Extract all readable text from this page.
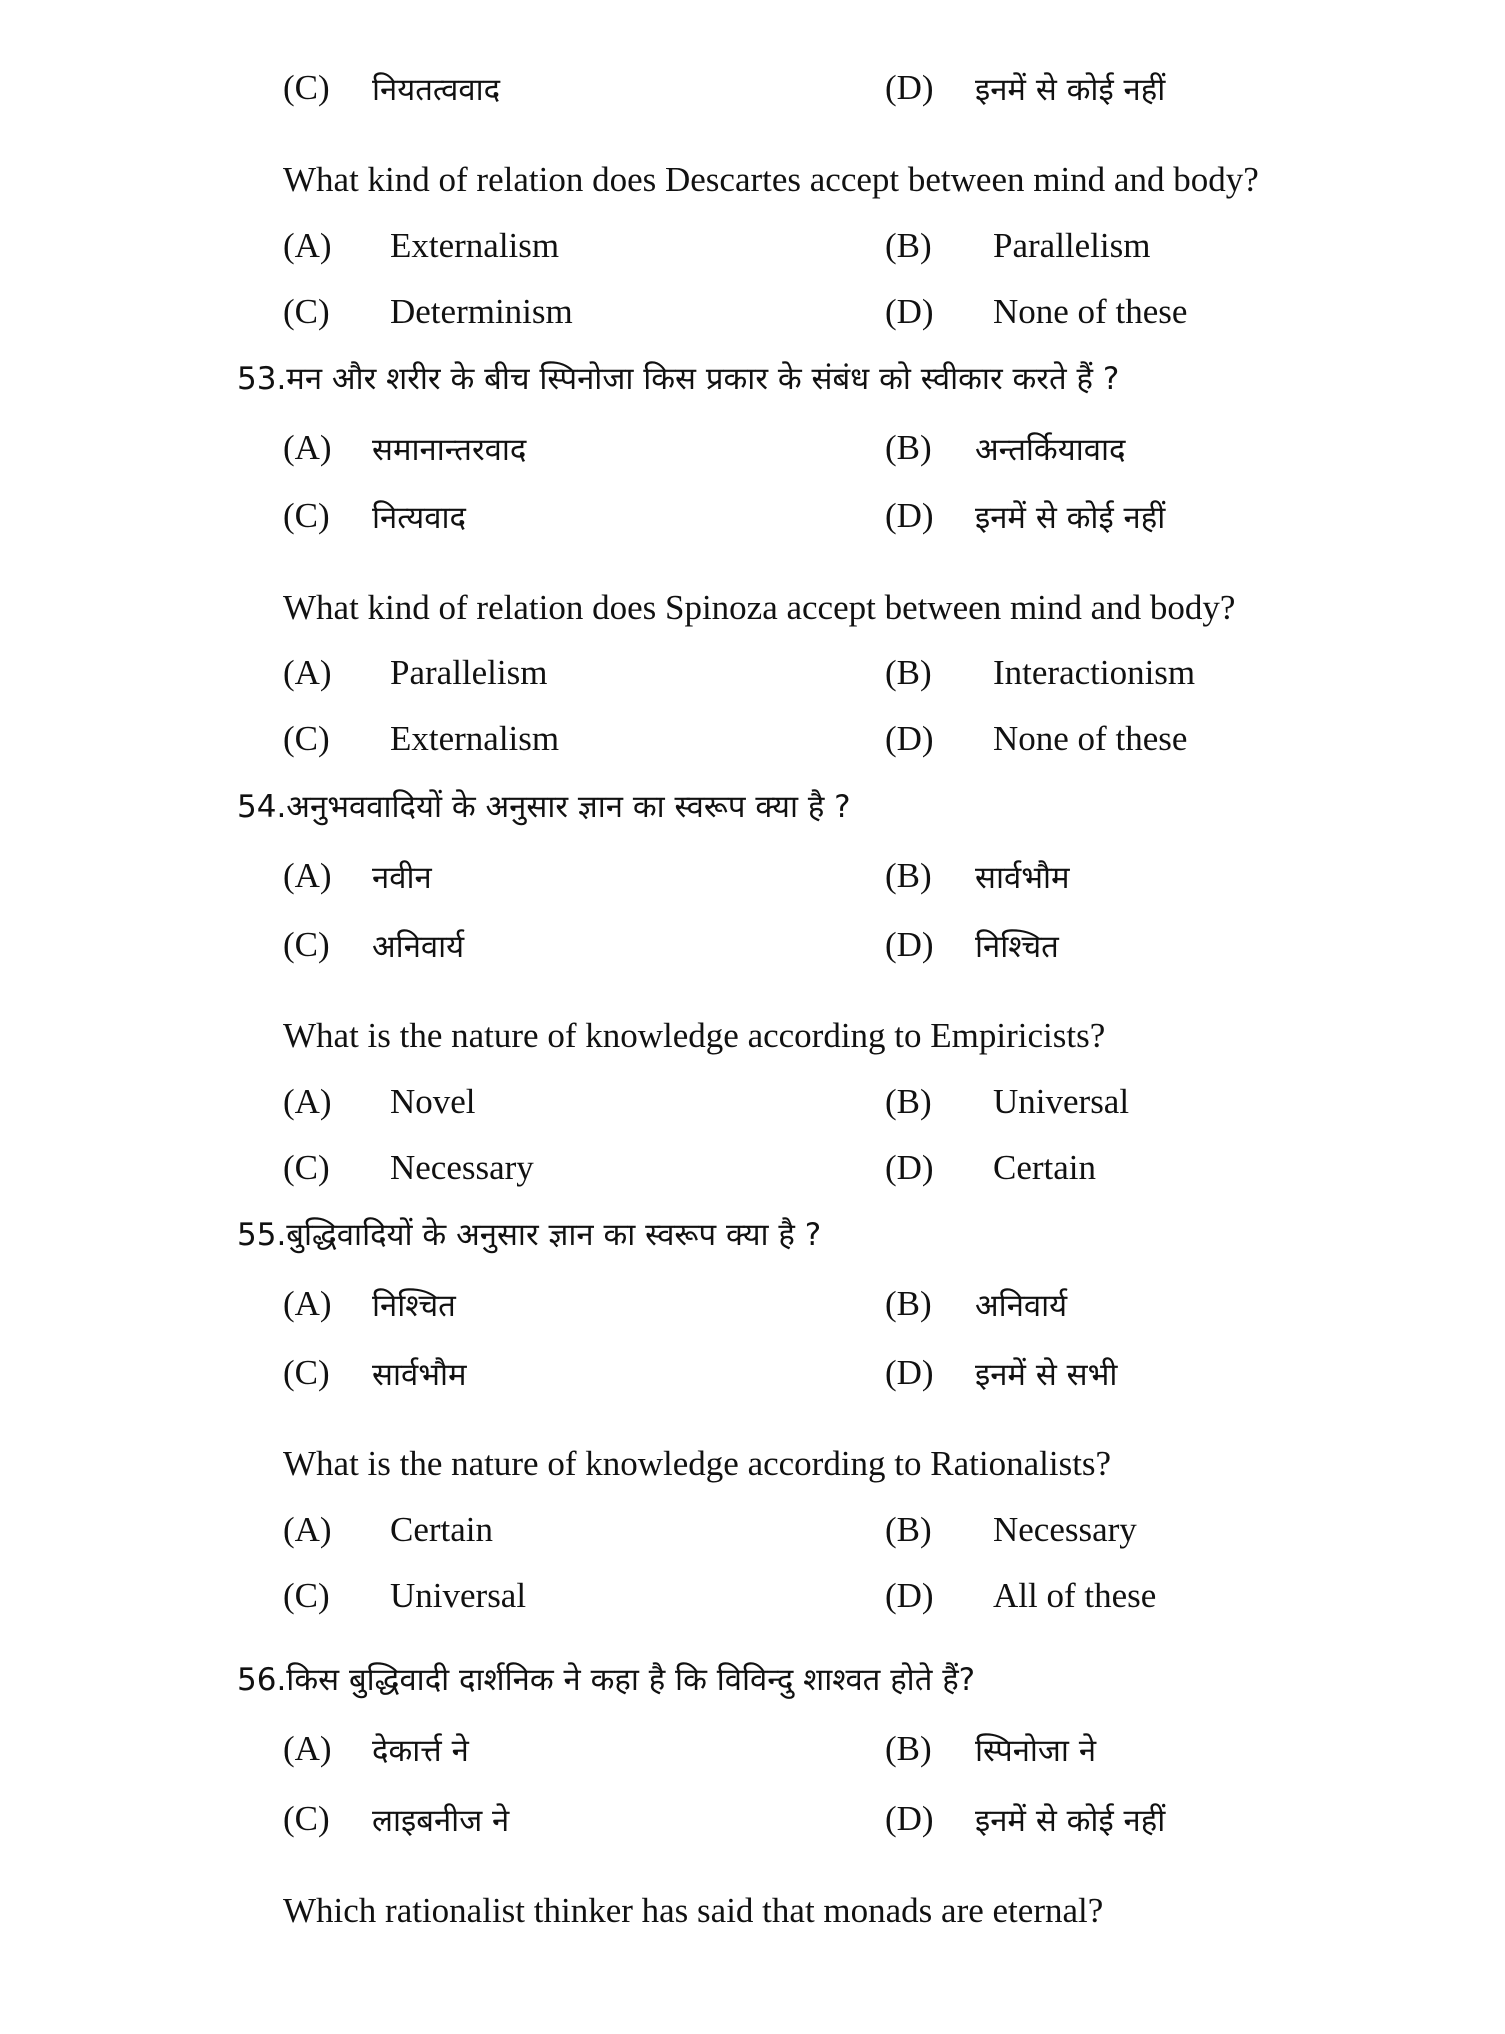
(C) नियतत्ववाद	(D) इनमें से कोई नहीं
What kind of relation does Descartes accept between mind and body?
(A) Externalism	(B) Parallelism
(C) Determinism	(D) None of these
53.मन और शरीर के बीच स्पिनोजा किस प्रकार के संबंध को स्वीकार करते हैं ?
(A) समानान्तरवाद	(B) अन्तर्कियावाद
(C) नित्यवाद	(D) इनमें से कोई नहीं
What kind of relation does Spinoza accept between mind and body?
(A) Parallelism	(B) Interactionism
(C) Externalism	(D) None of these
54.अनुभववादियों के अनुसार ज्ञान का स्वरूप क्या है ?
(A) नवीन	(B) सार्वभौम
(C) अनिवार्य	(D) निश्चित
What is the nature of knowledge according to Empiricists?
(A) Novel	(B) Universal
(C) Necessary	(D) Certain
55.बुद्धिवादियों के अनुसार ज्ञान का स्वरूप क्या है ?
(A) निश्चित	(B) अनिवार्य
(C) सार्वभौम	(D) इनमें से सभी
What is the nature of knowledge according to Rationalists?
(A) Certain	(B) Necessary
(C) Universal	(D) All of these
56.किस बुद्धिवादी दार्शनिक ने कहा है कि विविन्दु शाश्वत होते हैं?
(A) देकार्त्त ने	(B) स्पिनोजा ने
(C) लाइबनीज ने	(D) इनमें से कोई नहीं
Which rationalist thinker has said that monads are eternal?
